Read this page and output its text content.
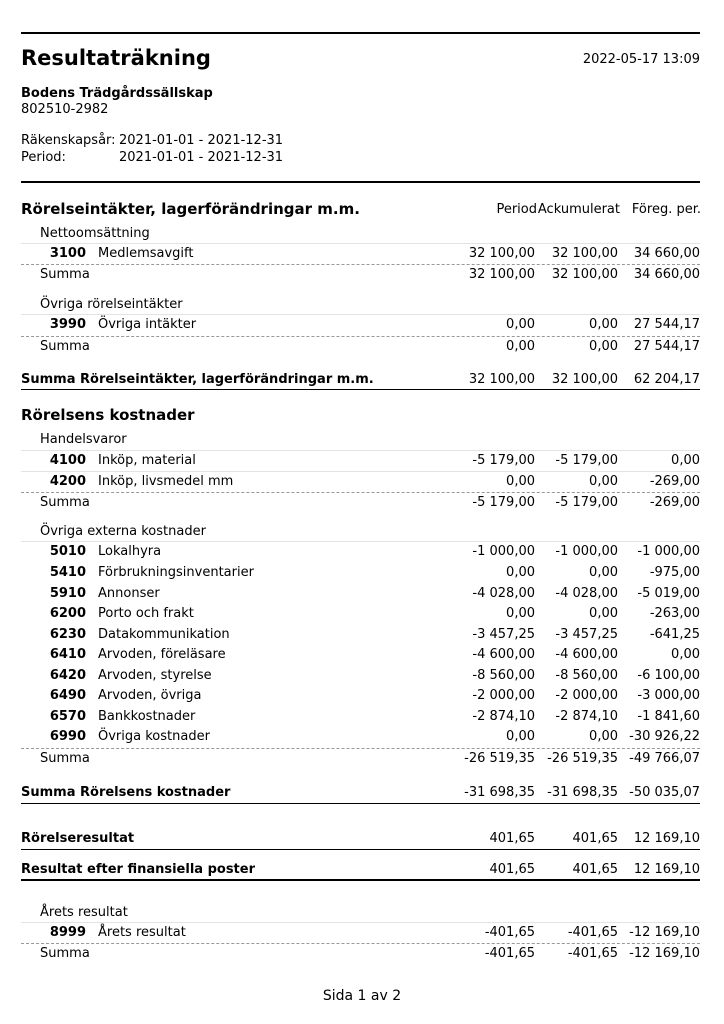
Resultaträkning	2022-05-17 13:09
Bodens Trädgårdssällskap
802510-2982
Räkenskapsår: 2021-01-01 - 2021-12-31
Period:	2021-01-01 - 2021-12-31
Rörelseintäkter, lagerförändringar m.m.	Period Ackumulerat Föreg. per.
Nettoomsättning
3100 Medlemsavgift	32 100,00 32 100,00 34 660,00
Summa	32 100,00 32 100,00 34 660,00
Övriga rörelseintäkter
3990 Övriga intäkter	0,00	0,00 27 544,17
Summa	0,00	0,00 27 544,17
Summa Rörelseintäkter, lagerförändringar m.m.	32 100,00 32 100,00 62 204,17
Rörelsens kostnader
Handelsvaror
4100 Inköp, material	-5 179,00 -5 179,00	0,00
4200 Inköp, livsmedel mm	0,00	0,00 -269,00
Summa	-5 179,00 -5 179,00 -269,00
Övriga externa kostnader
5010 Lokalhyra	-1 000,00 -1 000,00 -1 000,00
5410 Förbrukningsinventarier	0,00	0,00 -975,00
5910 Annonser	-4 028,00 -4 028,00 -5 019,00
6200 Porto och frakt	0,00	0,00 -263,00
6230 Datakommunikation	-3 457,25 -3 457,25 -641,25
6410 Arvoden, föreläsare	-4 600,00 -4 600,00	0,00
6420 Arvoden, styrelse	-8 560,00 -8 560,00 -6 100,00
6490 Arvoden, övriga	-2 000,00 -2 000,00 -3 000,00
6570 Bankkostnader	-2 874,10 -2 874,10 -1 841,60
6990 Övriga kostnader	0,00	0,00 -30 926,22
Summa	-26 519,35 -26 519,35 -49 766,07
Summa Rörelsens kostnader	-31 698,35 -31 698,35 -50 035,07
Rörelseresultat	401,65	401,65 12 169,10
Resultat efter finansiella poster	401,65	401,65 12 169,10
Årets resultat
8999 Årets resultat	-401,65	-401,65 -12 169,10
Summa	-401,65	-401,65 -12 169,10
Sida 1 av 2
